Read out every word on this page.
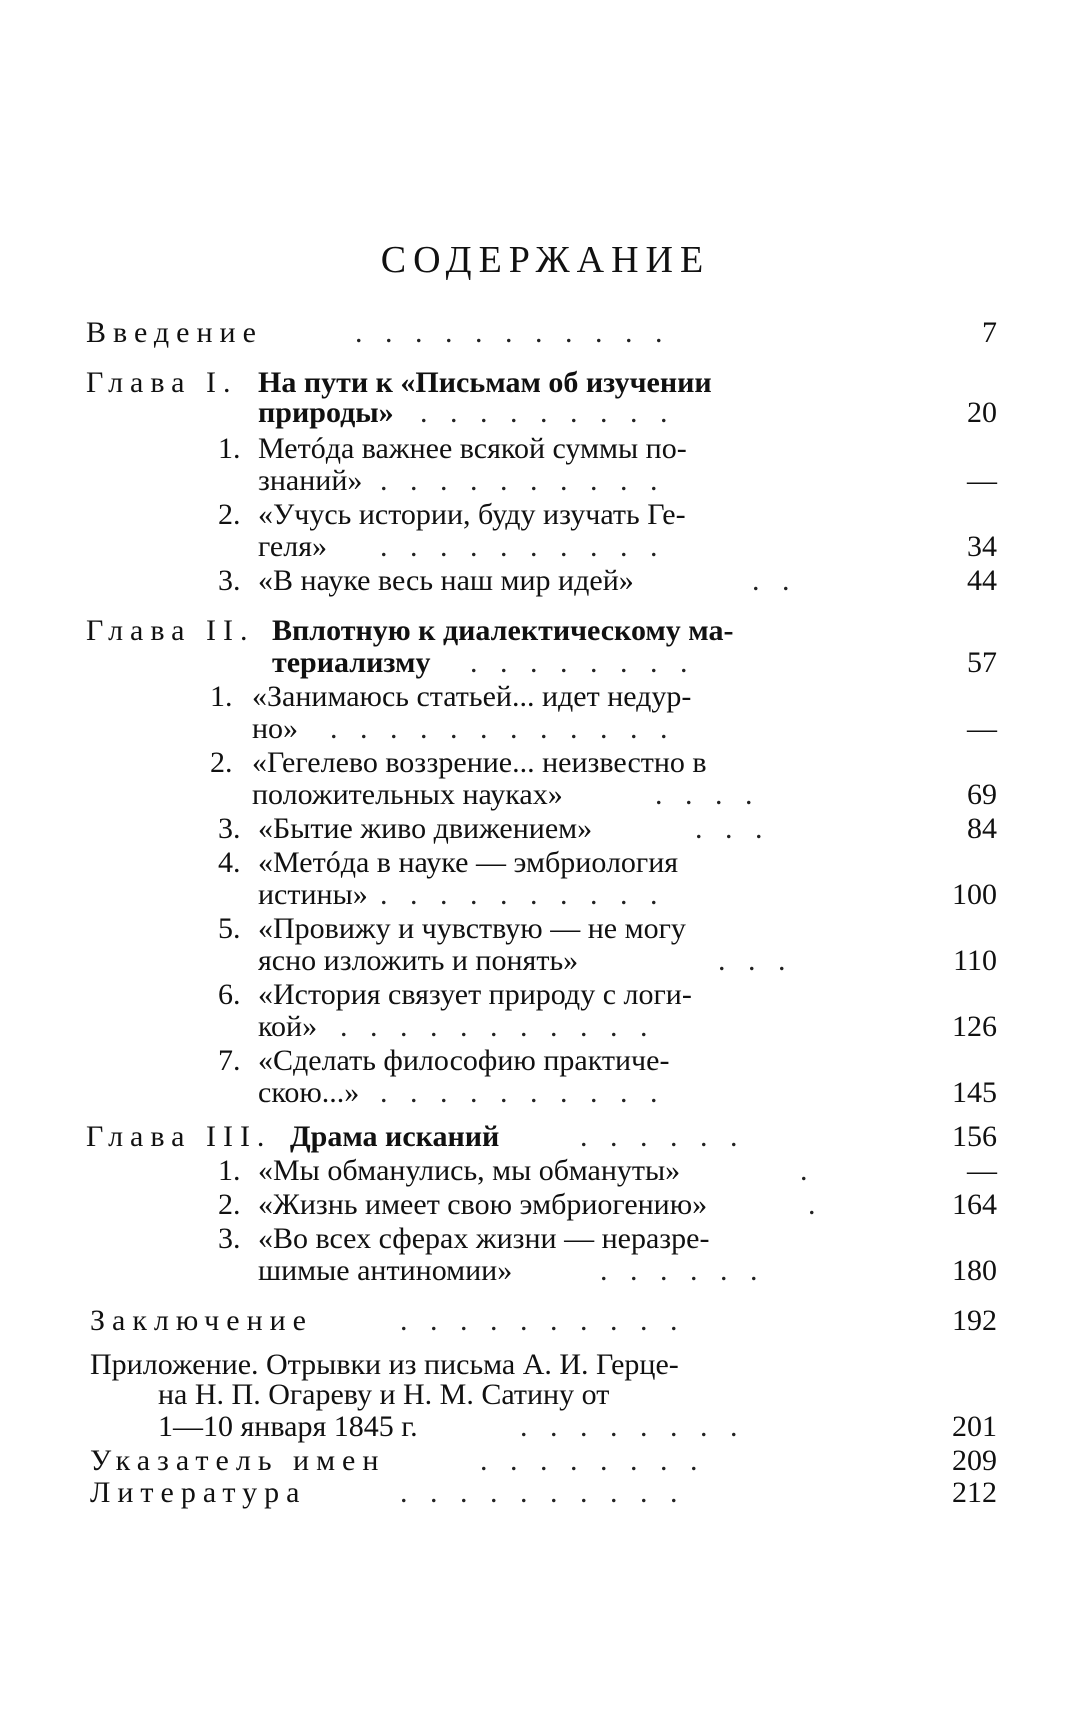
СОДЕРЖАНИЕ
Введение	.   .   .   .   .   .   .   .   .   .   .	7
Глава I. На пути к «Письмам об изучении
природы» .   .   .   .   .   .   .   .   .	20
1. Метóда важнее всякой суммы по-
знаний» .   .   .   .   .   .   .   .   .   .	—
2. «Учусь истории, буду изучать Ге-
геля» .   .   .   .   .   .   .   .   .   .	34
3. «В науке весь наш мир идей»	.   .	44
Глава II. Вплотную к диалектическому ма-
териализму .   .   .   .   .   .   .   .	57
1. «Занимаюсь статьей... идет недур-
но» .   .   .   .   .   .   .   .   .   .   .   .	—
2. «Гегелево воззрение... неизвестно в
положительных науках»	.   .   .   .	69
3. «Бытие живо движением»	.   .   .	84
4. «Метóда в науке — эмбриология
истины» .   .   .   .   .   .   .   .   .   .	100
5. «Провижу и чувствую — не могу
ясно изложить и понять»	.   .   .	110
6. «История связует природу с логи-
кой» .   .   .   .   .   .   .   .   .   .   .	126
7. «Сделать философию практиче-
скою...» .   .   .   .   .   .   .   .   .   .	145
Глава III. Драма исканий	.   .   .   .   .   .	156
1. «Мы обманулись, мы обмануты»	.	—
2. «Жизнь имеет свою эмбриогению»	.	164
3. «Во всех сферах жизни — неразре-
шимые антиномии»	.   .   .   .   .   .	180
Заключение	.   .   .   .   .   .   .   .   .   .	192
Приложение. Отрывки из письма А. И. Герце-
на Н. П. Огареву и Н. М. Сатину от
1—10 января 1845 г.	.   .   .   .   .   .   .   .	201
Указатель имен	.   .   .   .   .   .   .   .	209
Литература	.   .   .   .   .   .   .   .   .   .	212
